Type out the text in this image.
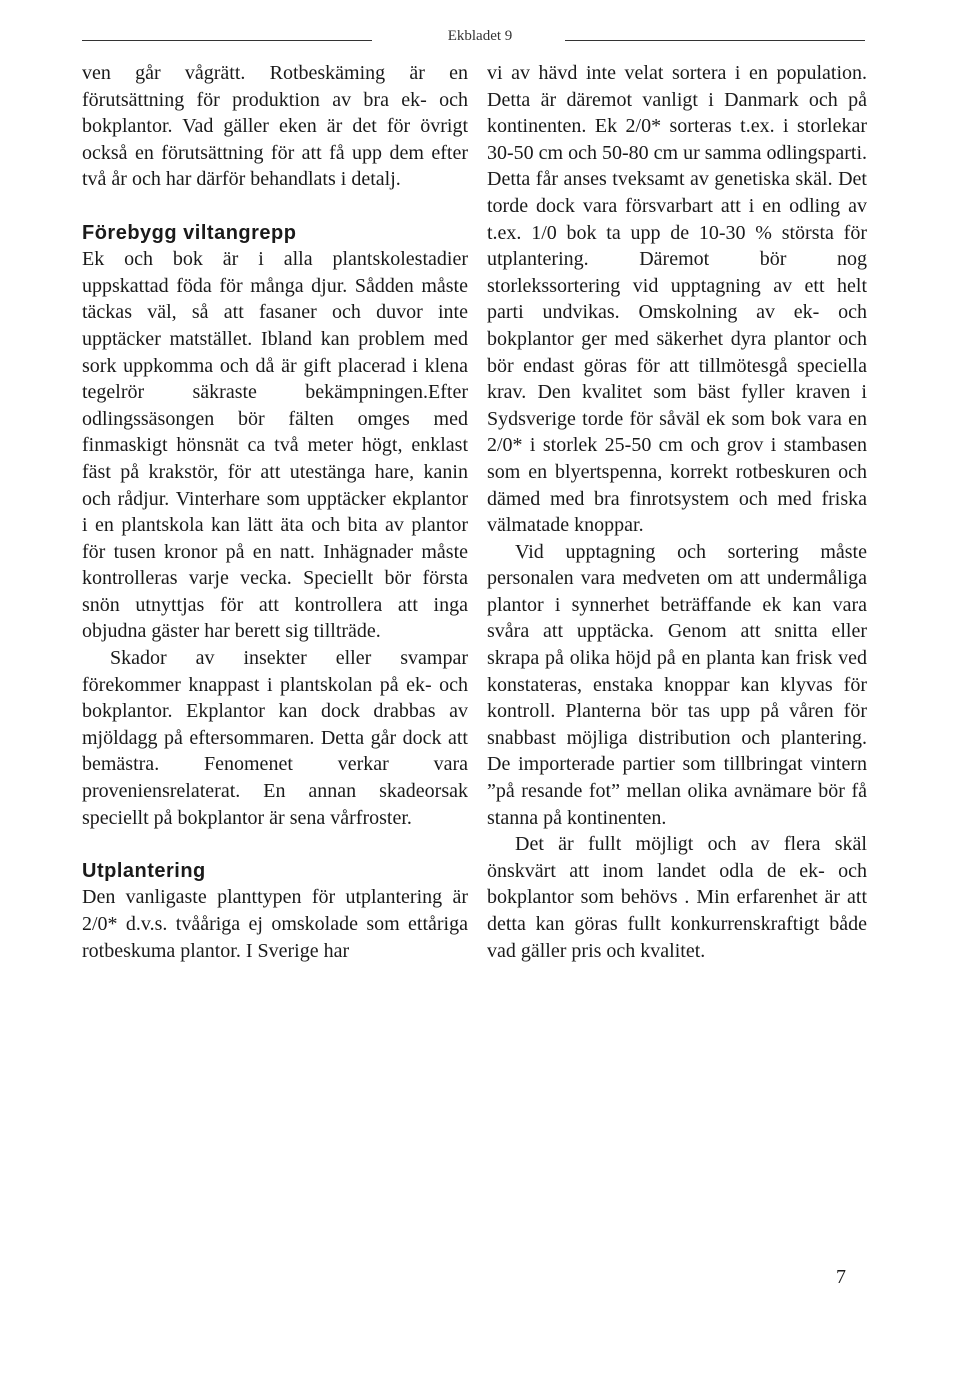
Ekbladet 9

ven går vågrätt. Rotbeskäming är en förutsättning för produktion av bra ek- och bokplantor. Vad gäller eken är det för övrigt också en förutsättning för att få upp dem efter två år och har därför behandlats i detalj.

Förebygg viltangrepp

Ek och bok är i alla plantskolestadier uppskattad föda för många djur. Sådden måste täckas väl, så att fasaner och duvor inte upptäcker matstället. Ibland kan problem med sork uppkomma och då är gift placerad i klena tegelrör säkraste bekämpningen.Efter odlingssäsongen bör fälten omges med finmaskigt hönsnät ca två meter högt, enklast fäst på krakstör, för att utestänga hare, kanin och rådjur. Vinterhare som upptäcker ekplantor i en plantskola kan lätt äta och bita av plantor för tusen kronor på en natt. Inhägnader måste kontrolleras varje vecka. Speciellt bör första snön utnyttjas för att kontrollera att inga objudna gäster har berett sig tillträde.

Skador av insekter eller svampar förekommer knappast i plantskolan på ek- och bokplantor. Ekplantor kan dock drabbas av mjöldagg på eftersommaren. Detta går dock att bemästra. Fenomenet verkar vara proveniensrelaterat. En annan skadeorsak speciellt på bokplantor är sena vårfroster.

Utplantering

Den vanligaste planttypen för utplantering är 2/0* d.v.s. tvååriga ej omskolade som ettåriga rotbeskuma plantor. I Sverige har

vi av hävd inte velat sortera i en population. Detta är däremot vanligt i Danmark och på kontinenten. Ek 2/0* sorteras t.ex. i storlekar 30-50 cm och 50-80 cm ur samma odlingsparti. Detta får anses tveksamt av genetiska skäl. Det torde dock vara försvarbart att i en odling av t.ex. 1/0 bok ta upp de 10-30 % största för utplantering. Däremot bör nog storlekssortering vid upptagning av ett helt parti undvikas. Omskolning av ek- och bokplantor ger med säkerhet dyra plantor och bör endast göras för att tillmötesgå speciella krav. Den kvalitet som bäst fyller kraven i Sydsverige torde för såväl ek som bok vara en 2/0* i storlek 25-50 cm och grov i stambasen som en blyertspenna, korrekt rotbeskuren och dämed med bra finrotsystem och med friska välmatade knoppar.

Vid upptagning och sortering måste personalen vara medveten om att undermåliga plantor i synnerhet beträffande ek kan vara svåra att upptäcka. Genom att snitta eller skrapa på olika höjd på en planta kan frisk ved konstateras, enstaka knoppar kan klyvas för kontroll. Planterna bör tas upp på våren för snabbast möjliga distribution och plantering. De importerade partier som tillbringat vintern ”på resande fot” mellan olika avnämare bör få stanna på kontinenten.

Det är fullt möjligt och av flera skäl önskvärt att inom landet odla de ek- och bokplantor som behövs . Min erfarenhet är att detta kan göras fullt konkurrenskraftigt både vad gäller pris och kvalitet.

7
